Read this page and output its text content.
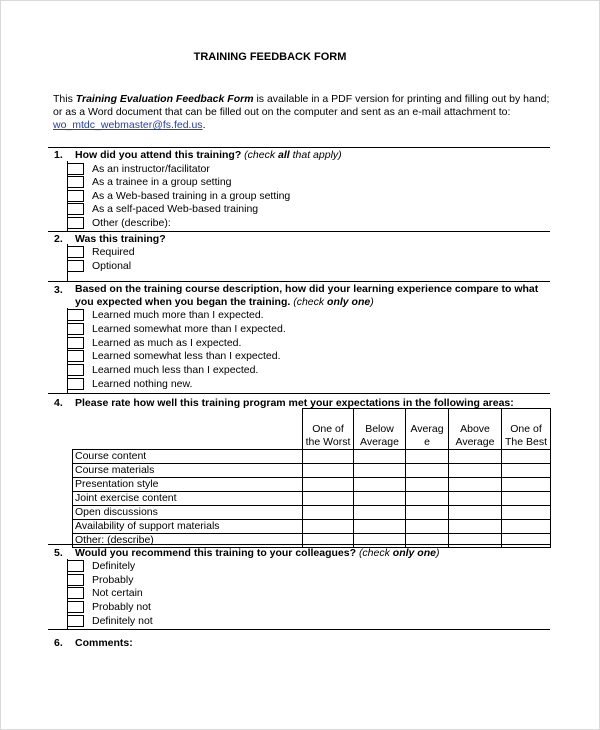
TRAINING FEEDBACK FORM
This Training Evaluation Feedback Form is available in a PDF version for printing and filling out by hand; or as a Word document that can be filled out on the computer and sent as an e-mail attachment to:
wo_mtdc_webmaster@fs.fed.us.
1. How did you attend this training? (check all that apply)
As an instructor/facilitator
As a trainee in a group setting
As a Web-based training in a group setting
As a self-paced Web-based training
Other (describe):
2. Was this training?
Required
Optional
3. Based on the training course description, how did your learning experience compare to what you expected when you began the training. (check only one)
Learned much more than I expected.
Learned somewhat more than I expected.
Learned as much as I expected.
Learned somewhat less than I expected.
Learned much less than I expected.
Learned nothing new.
4. Please rate how well this training program met your expectations in the following areas:
	One of the Worst	Below Average	Average	Above Average	One of The Best
Course content					
Course materials					
Presentation style					
Joint exercise content					
Open discussions					
Availability of support materials					
Other: (describe)					
5. Would you recommend this training to your colleagues? (check only one)
Definitely
Probably
Not certain
Probably not
Definitely not
6. Comments:
